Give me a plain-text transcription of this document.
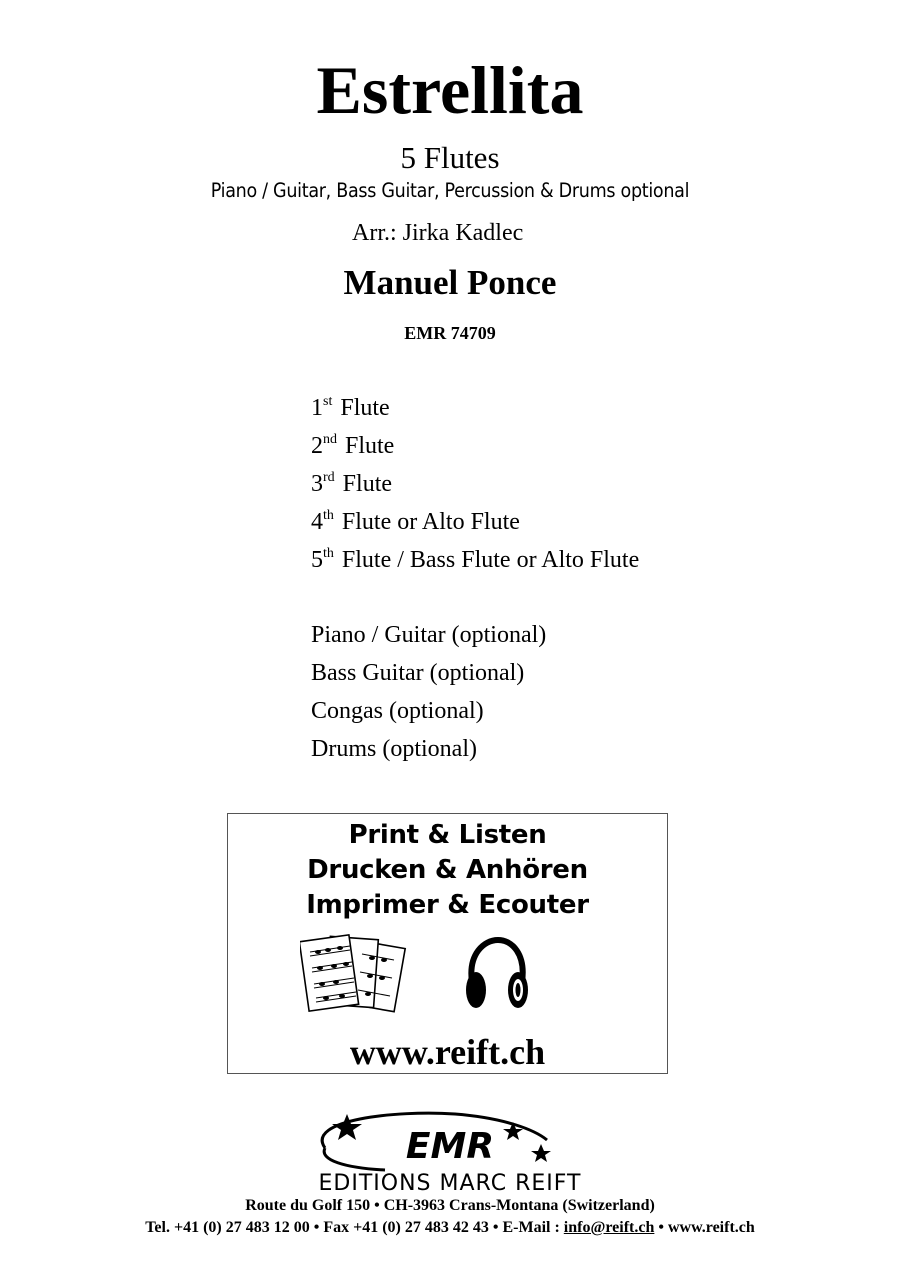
Estrellita
5 Flutes
Piano / Guitar, Bass Guitar, Percussion & Drums optional
Arr.: Jirka Kadlec
Manuel Ponce
EMR 74709
1st Flute
2nd Flute
3rd Flute
4th Flute or Alto Flute
5th Flute / Bass Flute or Alto Flute
Piano / Guitar (optional)
Bass Guitar (optional)
Congas (optional)
Drums (optional)
Print & Listen
Drucken & Anhören
Imprimer & Ecouter
www.reift.ch
EMR
EDITIONS MARC REIFT
Route du Golf 150 • CH-3963 Crans-Montana (Switzerland)
Tel. +41 (0) 27 483 12 00 • Fax +41 (0) 27 483 42 43 • E-Mail : info@reift.ch • www.reift.ch
